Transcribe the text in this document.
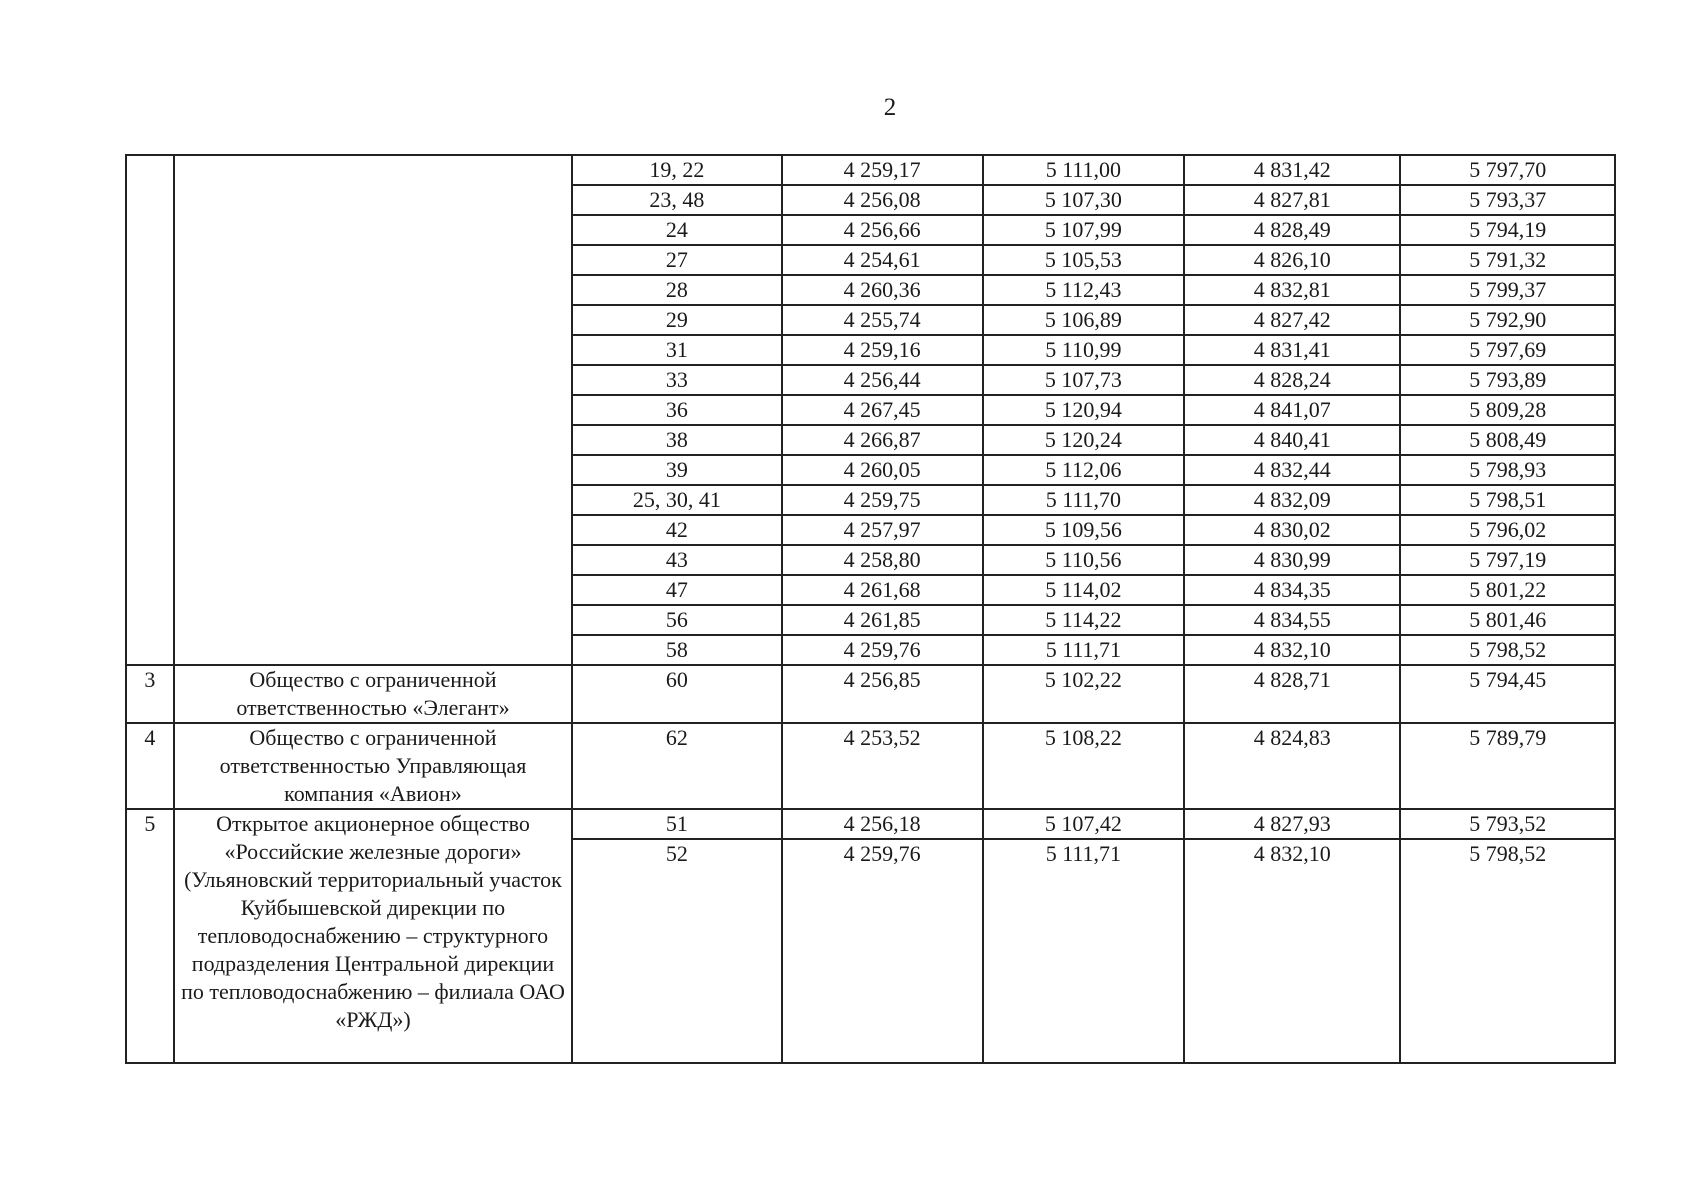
2
		19, 22	4 259,17	5 111,00	4 831,42	5 797,70
		23, 48	4 256,08	5 107,30	4 827,81	5 793,37
		24	4 256,66	5 107,99	4 828,49	5 794,19
		27	4 254,61	5 105,53	4 826,10	5 791,32
		28	4 260,36	5 112,43	4 832,81	5 799,37
		29	4 255,74	5 106,89	4 827,42	5 792,90
		31	4 259,16	5 110,99	4 831,41	5 797,69
		33	4 256,44	5 107,73	4 828,24	5 793,89
		36	4 267,45	5 120,94	4 841,07	5 809,28
		38	4 266,87	5 120,24	4 840,41	5 808,49
		39	4 260,05	5 112,06	4 832,44	5 798,93
		25, 30, 41	4 259,75	5 111,70	4 832,09	5 798,51
		42	4 257,97	5 109,56	4 830,02	5 796,02
		43	4 258,80	5 110,56	4 830,99	5 797,19
		47	4 261,68	5 114,02	4 834,35	5 801,22
		56	4 261,85	5 114,22	4 834,55	5 801,46
		58	4 259,76	5 111,71	4 832,10	5 798,52
3	Общество с ограниченной ответственностью «Элегант»	60	4 256,85	5 102,22	4 828,71	5 794,45
4	Общество с ограниченной ответственностью Управляющая компания «Авион»	62	4 253,52	5 108,22	4 824,83	5 789,79
5	Открытое акционерное общество «Российские железные дороги» (Ульяновский территориальный участок Куйбышевской дирекции по тепловодоснабжению – структурного подразделения Центральной дирекции по тепловодоснабжению – филиала ОАО «РЖД»)	51	4 256,18	5 107,42	4 827,93	5 793,52
		52	4 259,76	5 111,71	4 832,10	5 798,52
